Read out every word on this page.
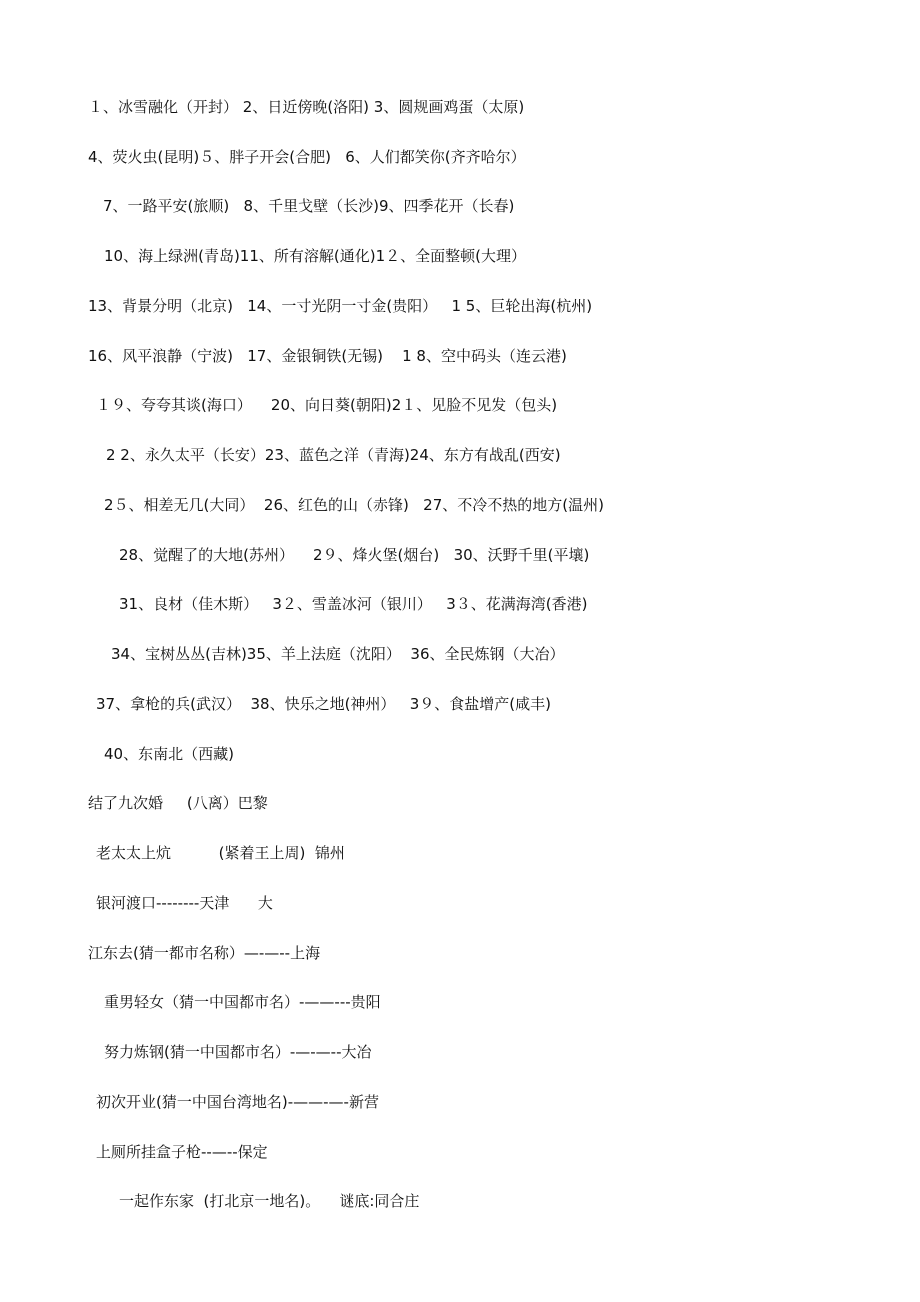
１、冰雪融化（开封） 2、日近傍晚(洛阳) 3、圆规画鸡蛋（太原)
4、荧火虫(昆明)５、胖子开会(合肥)   6、人们都笑你(齐齐哈尔）
7、一路平安(旅顺)   8、千里戈壁（长沙)9、四季花开（长春)
10、海上绿洲(青岛)11、所有溶解(通化)1２、全面整顿(大理）
13、背景分明（北京)   14、一寸光阴一寸金(贵阳）   1 5、巨轮出海(杭州)
16、风平浪静（宁波)   17、金银铜铁(无锡)    1 8、空中码头（连云港)
１９、夸夸其谈(海口）    20、向日葵(朝阳)2１、见脸不见发（包头)
2 2、永久太平（长安）23、蓝色之洋（青海)24、东方有战乱(西安)
2５、相差无几(大同）  26、红色的山（赤锋)   27、不冷不热的地方(温州)
28、觉醒了的大地(苏州）    2９、烽火堡(烟台)   30、沃野千里(平壤)
31、良材（佳木斯）   3２、雪盖冰河（银川）   3３、花满海湾(香港)
34、宝树丛丛(吉林)35、羊上法庭（沈阳）  36、全民炼钢（大冶）
37、拿枪的兵(武汉）  38、快乐之地(神州）   3９、食盐增产(咸丰)
40、东南北（西藏)
结了九次婚     (八离）巴黎
老太太上炕          (紧着王上周)  锦州
银河渡口--------天津      大
江东去(猜一都市名称）—-—--上海
重男轻女（猜一中国都市名）-——---贵阳
努力炼钢(猜一中国都市名）-—-—--大冶
初次开业(猜一中国台湾地名)-——-—-新营
上厕所挂盒子枪--—--保定
一起作东家  (打北京一地名)。    谜底:同合庄
